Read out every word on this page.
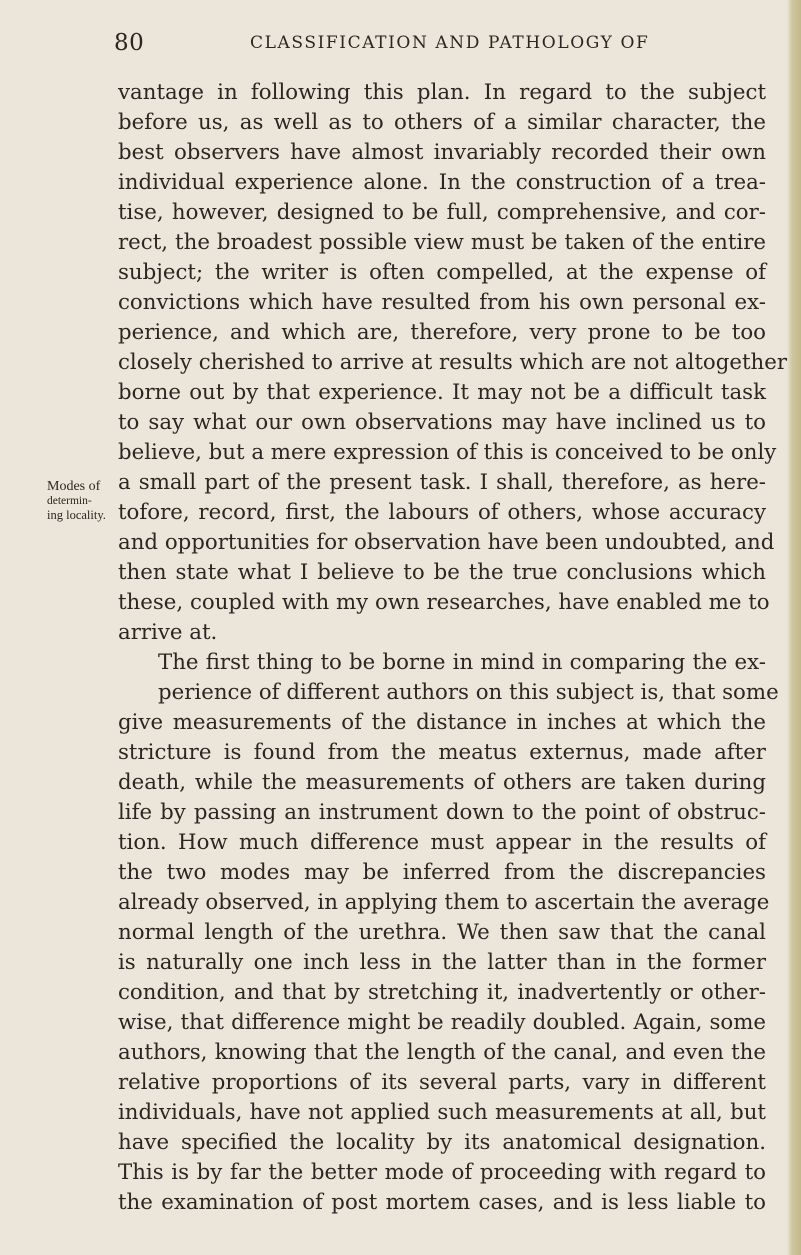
80	CLASSIFICATION AND PATHOLOGY OF
Modes of
determin-
ing locality.
vantage in following this plan. In regard to the subject
before us, as well as to others of a similar character, the
best observers have almost invariably recorded their own
individual experience alone. In the construction of a trea-
tise, however, designed to be full, comprehensive, and cor-
rect, the broadest possible view must be taken of the entire
subject; the writer is often compelled, at the expense of
convictions which have resulted from his own personal ex-
perience, and which are, therefore, very prone to be too
closely cherished to arrive at results which are not altogether
borne out by that experience. It may not be a difficult task
to say what our own observations may have inclined us to
believe, but a mere expression of this is conceived to be only
a small part of the present task. I shall, therefore, as here-
tofore, record, first, the labours of others, whose accuracy
and opportunities for observation have been undoubted, and
then state what I believe to be the true conclusions which
these, coupled with my own researches, have enabled me to
arrive at.
The first thing to be borne in mind in comparing the ex-
perience of different authors on this subject is, that some
give measurements of the distance in inches at which the
stricture is found from the meatus externus, made after
death, while the measurements of others are taken during
life by passing an instrument down to the point of obstruc-
tion. How much difference must appear in the results of
the two modes may be inferred from the discrepancies
already observed, in applying them to ascertain the average
normal length of the urethra. We then saw that the canal
is naturally one inch less in the latter than in the former
condition, and that by stretching it, inadvertently or other-
wise, that difference might be readily doubled. Again, some
authors, knowing that the length of the canal, and even the
relative proportions of its several parts, vary in different
individuals, have not applied such measurements at all, but
have specified the locality by its anatomical designation.
This is by far the better mode of proceeding with regard to
the examination of post mortem cases, and is less liable to
